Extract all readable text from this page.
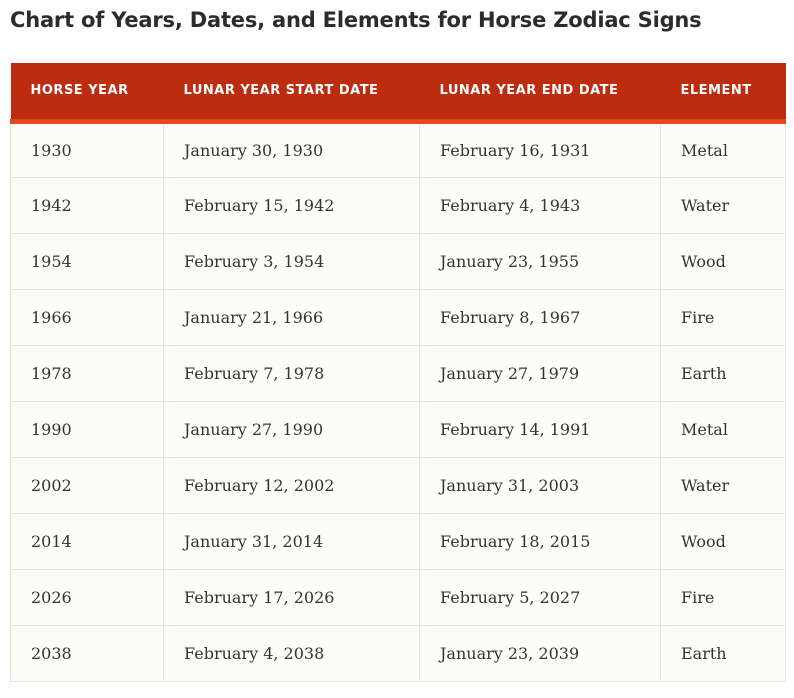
Chart of Years, Dates, and Elements for Horse Zodiac Signs
HORSE YEAR	LUNAR YEAR START DATE	LUNAR YEAR END DATE	ELEMENT
1930	January 30, 1930	February 16, 1931	Metal
1942	February 15, 1942	February 4, 1943	Water
1954	February 3, 1954	January 23, 1955	Wood
1966	January 21, 1966	February 8, 1967	Fire
1978	February 7, 1978	January 27, 1979	Earth
1990	January 27, 1990	February 14, 1991	Metal
2002	February 12, 2002	January 31, 2003	Water
2014	January 31, 2014	February 18, 2015	Wood
2026	February 17, 2026	February 5, 2027	Fire
2038	February 4, 2038	January 23, 2039	Earth
